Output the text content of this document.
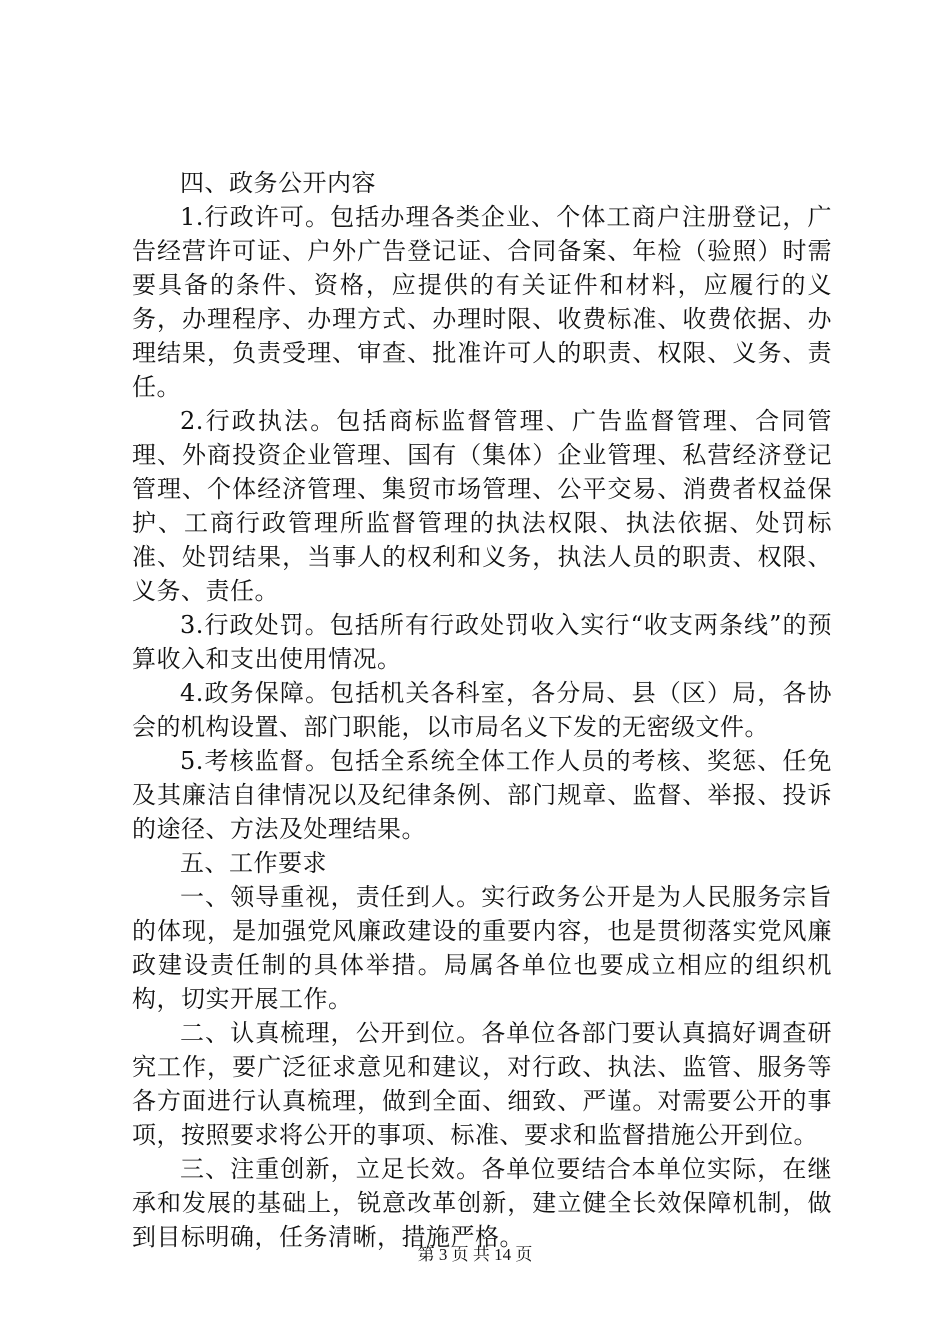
四、政务公开内容

1.行政许可。包括办理各类企业、个体工商户注册登记，广告经营许可证、户外广告登记证、合同备案、年检（验照）时需要具备的条件、资格，应提供的有关证件和材料，应履行的义务，办理程序、办理方式、办理时限、收费标准、收费依据、办理结果，负责受理、审查、批准许可人的职责、权限、义务、责任。

2.行政执法。包括商标监督管理、广告监督管理、合同管理、外商投资企业管理、国有（集体）企业管理、私营经济登记管理、个体经济管理、集贸市场管理、公平交易、消费者权益保护、工商行政管理所监督管理的执法权限、执法依据、处罚标准、处罚结果，当事人的权利和义务，执法人员的职责、权限、义务、责任。

3.行政处罚。包括所有行政处罚收入实行“收支两条线”的预算收入和支出使用情况。

4.政务保障。包括机关各科室，各分局、县（区）局，各协会的机构设置、部门职能，以市局名义下发的无密级文件。

5.考核监督。包括全系统全体工作人员的考核、奖惩、任免及其廉洁自律情况以及纪律条例、部门规章、监督、举报、投诉的途径、方法及处理结果。

五、工作要求

一、领导重视，责任到人。实行政务公开是为人民服务宗旨的体现，是加强党风廉政建设的重要内容，也是贯彻落实党风廉政建设责任制的具体举措。局属各单位也要成立相应的组织机构，切实开展工作。

二、认真梳理，公开到位。各单位各部门要认真搞好调查研究工作，要广泛征求意见和建议，对行政、执法、监管、服务等各方面进行认真梳理，做到全面、细致、严谨。对需要公开的事项，按照要求将公开的事项、标准、要求和监督措施公开到位。

三、注重创新，立足长效。各单位要结合本单位实际，在继承和发展的基础上，锐意改革创新，建立健全长效保障机制，做到目标明确，任务清晰，措施严格。

第 3 页 共 14 页
